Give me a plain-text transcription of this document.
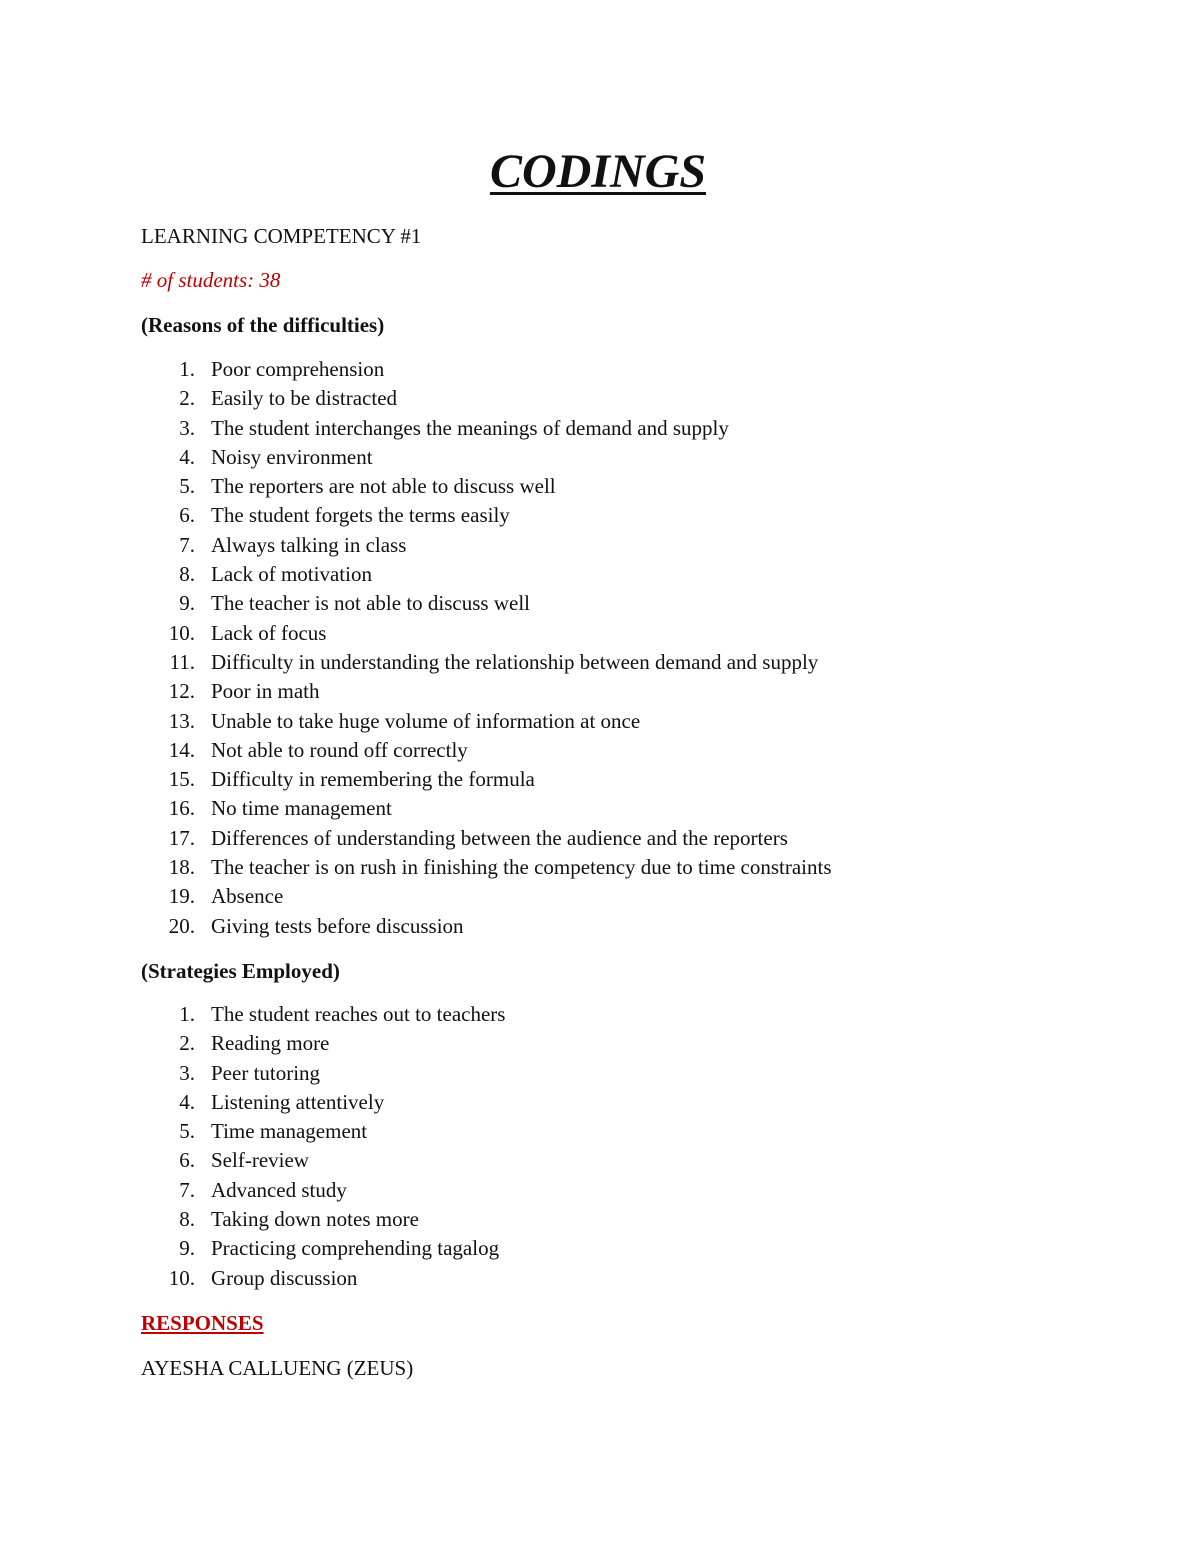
CODINGS
LEARNING COMPETENCY #1
# of students: 38
(Reasons of the difficulties)
1. Poor comprehension
2. Easily to be distracted
3. The student interchanges the meanings of demand and supply
4. Noisy environment
5. The reporters are not able to discuss well
6. The student forgets the terms easily
7. Always talking in class
8. Lack of motivation
9. The teacher is not able to discuss well
10. Lack of focus
11. Difficulty in understanding the relationship between demand and supply
12. Poor in math
13. Unable to take huge volume of information at once
14. Not able to round off correctly
15. Difficulty in remembering the formula
16. No time management
17. Differences of understanding between the audience and the reporters
18. The teacher is on rush in finishing the competency due to time constraints
19. Absence
20. Giving tests before discussion
(Strategies Employed)
1. The student reaches out to teachers
2. Reading more
3. Peer tutoring
4. Listening attentively
5. Time management
6. Self-review
7. Advanced study
8. Taking down notes more
9. Practicing comprehending tagalog
10. Group discussion
RESPONSES
AYESHA CALLUENG (ZEUS)
